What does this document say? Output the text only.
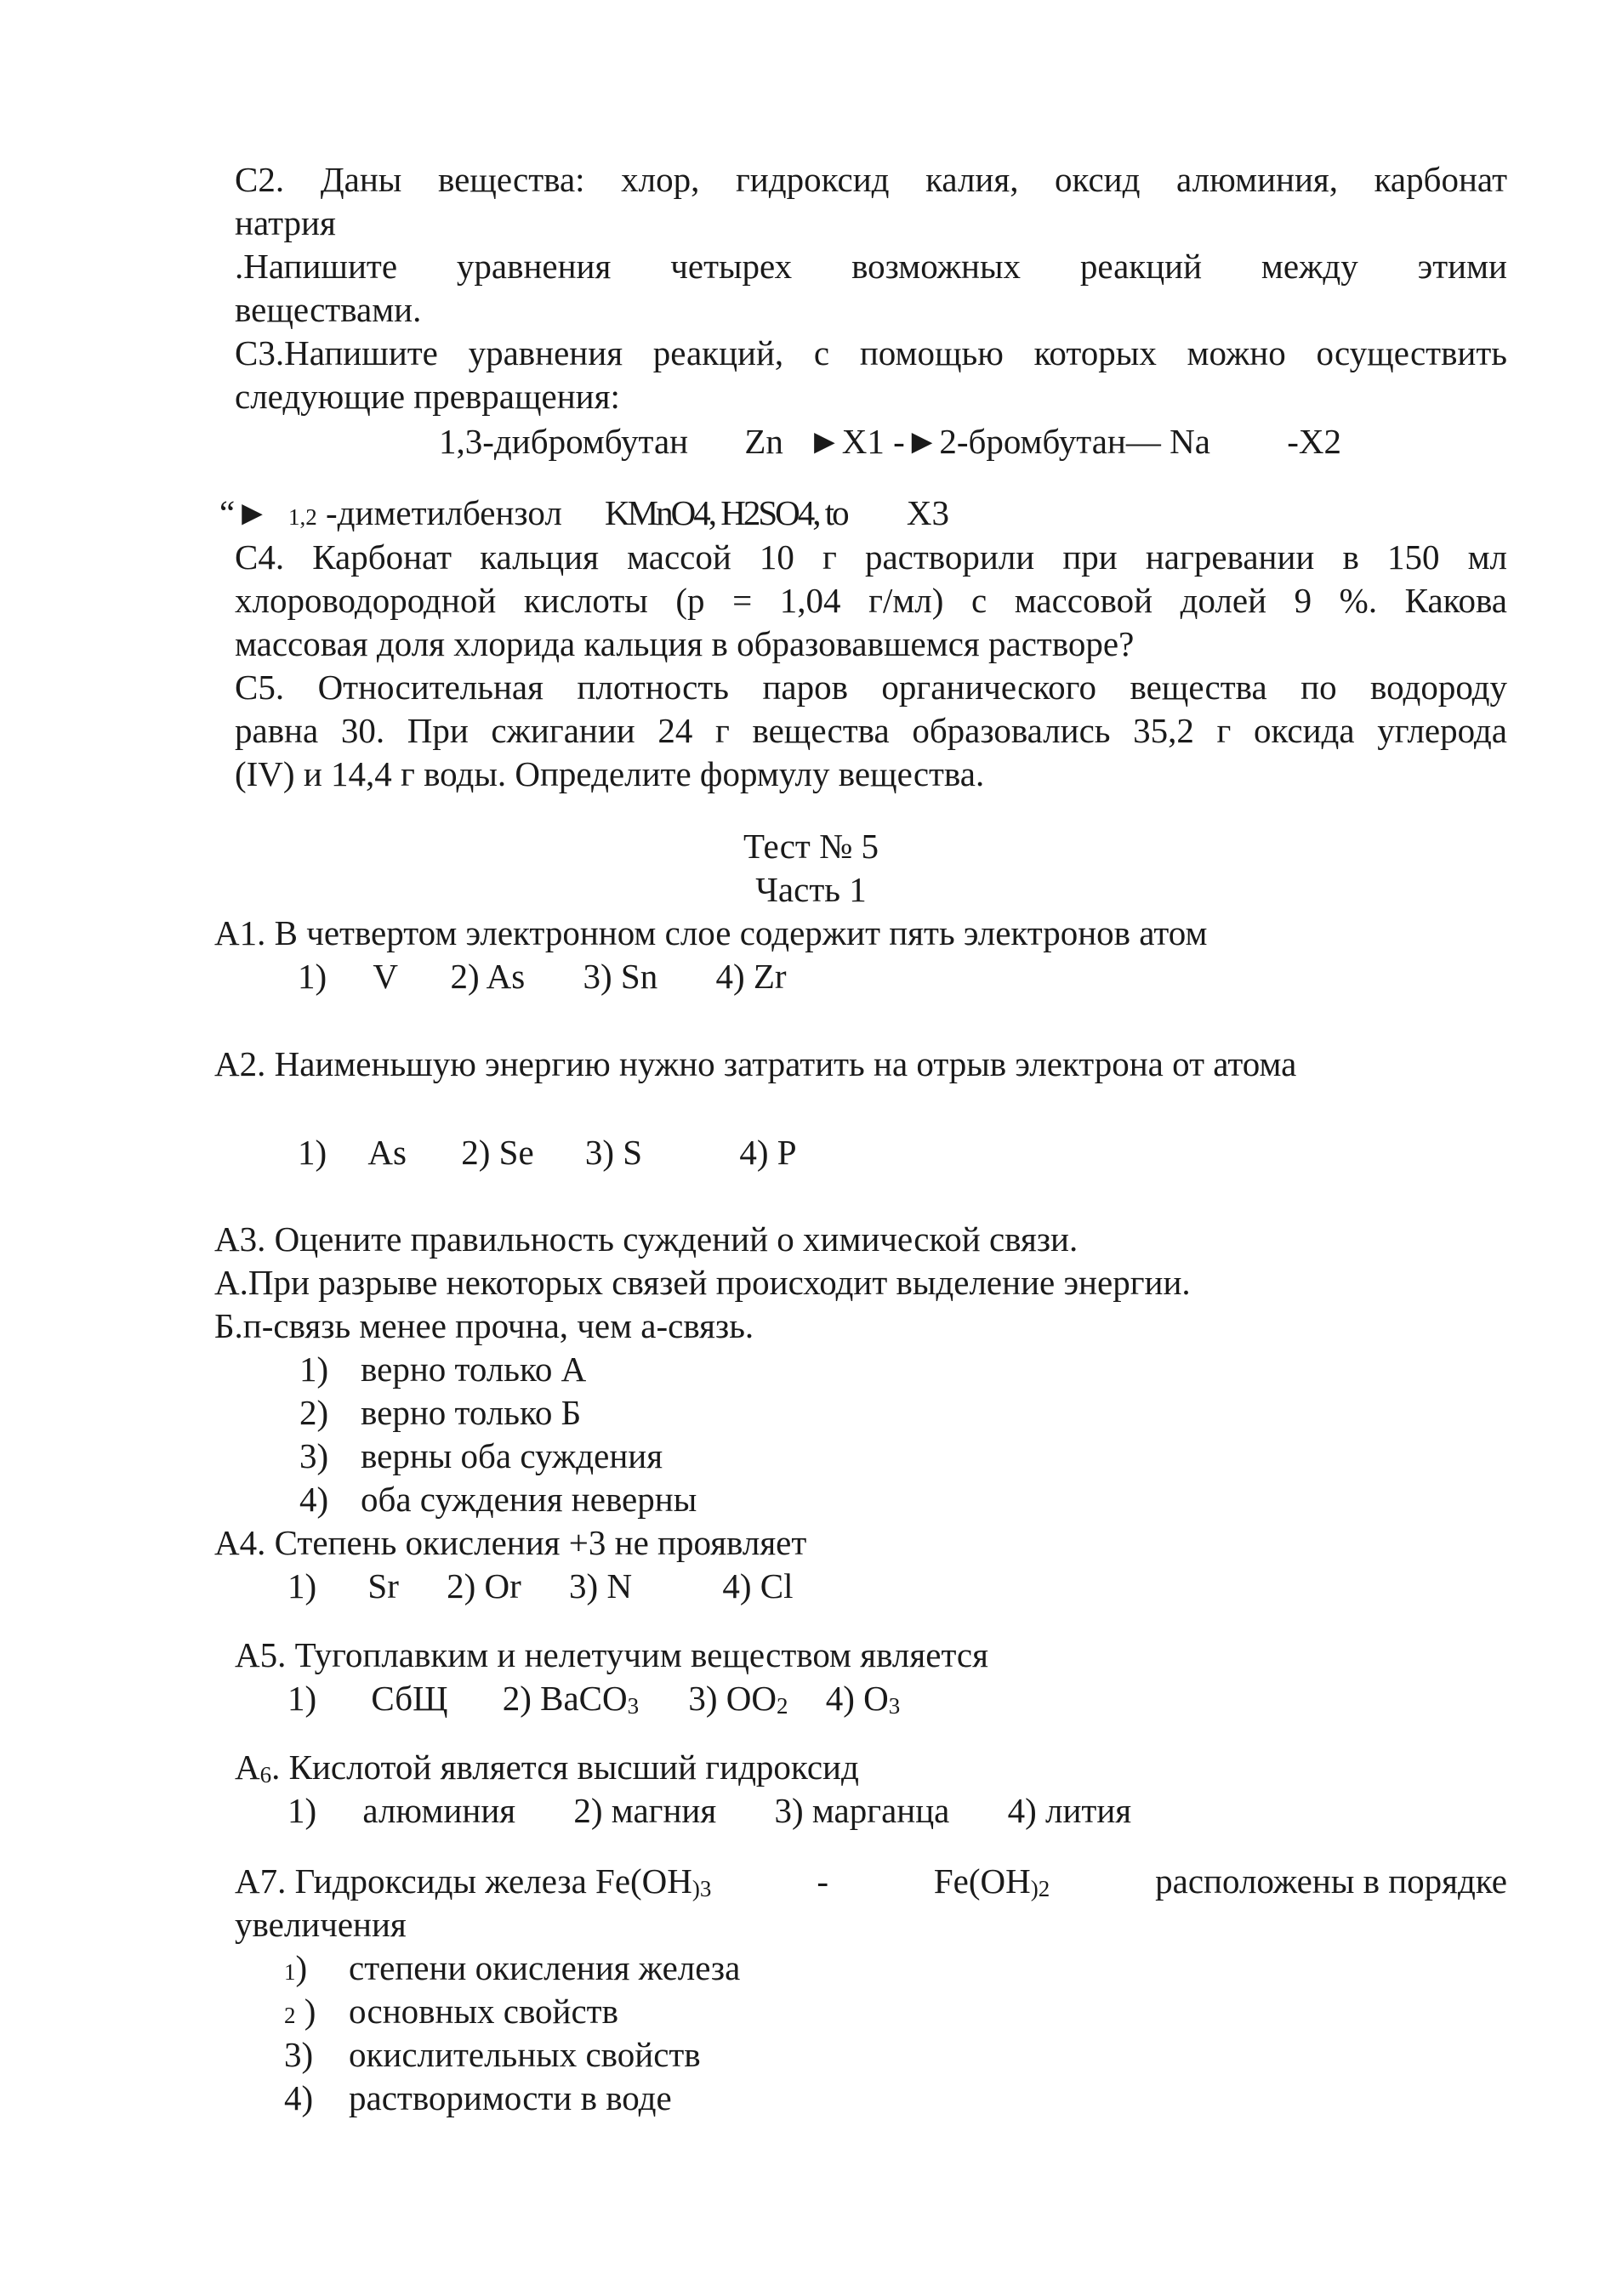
С2. Даны вещества: хлор, гидроксид калия, оксид алюминия, карбонат
натрия
.Напишите уравнения четырех возможных реакций между этими
веществами.
С3.Напишите уравнения реакций, с помощью которых можно осуществить
следующие превращения:
1,3-дибромбутан Zn ►X1 -►2-бромбутан— Na -X2
“► 1,2 -диметилбензол KMnO4, H2SO4, to X3
С4. Карбонат кальция массой 10 г растворили при нагревании в 150 мл
хлороводородной кислоты (р = 1,04 г/мл) с массовой долей 9 %. Какова
массовая доля хлорида кальция в образовавшемся растворе?
С5. Относительная плотность паров органического вещества по водороду
равна 30. При сжигании 24 г вещества образовались 35,2 г оксида углерода
(IV) и 14,4 г воды. Определите формулу вещества.
Тест № 5
Часть 1
А1. В четвертом электронном слое содержит пять электронов атом
1) V 2) As 3) Sn 4) Zr
А2. Наименьшую энергию нужно затратить на отрыв электрона от атома
1) As 2) Se 3) S	4) P
А3. Оцените правильность суждений о химической связи.
А.При разрыве некоторых связей происходит выделение энергии.
Б.п-связь менее прочна, чем а-связь.
1) верно только А
2) верно только Б
3) верны оба суждения
4) оба суждения неверны
А4. Степень окисления +3 не проявляет
1) Sr 2) Or 3) N	4) Cl
А5. Тугоплавким и нелетучим веществом является
1) СбЩ 2) ВаСО$_3$ 3) $OO_2$ 4) $O_3$
$А_6$. Кислотой является высший гидроксид
1) алюминия 2) магния 3) марганца 4) лития
А7. Гидроксиды железа $Fe(OH_{)3}$	-	$Fe(OH_{)2}$	расположены в порядке
увеличения
1) степени окисления железа
2 ) основных свойств
3) окислительных свойств
4) растворимости в воде
